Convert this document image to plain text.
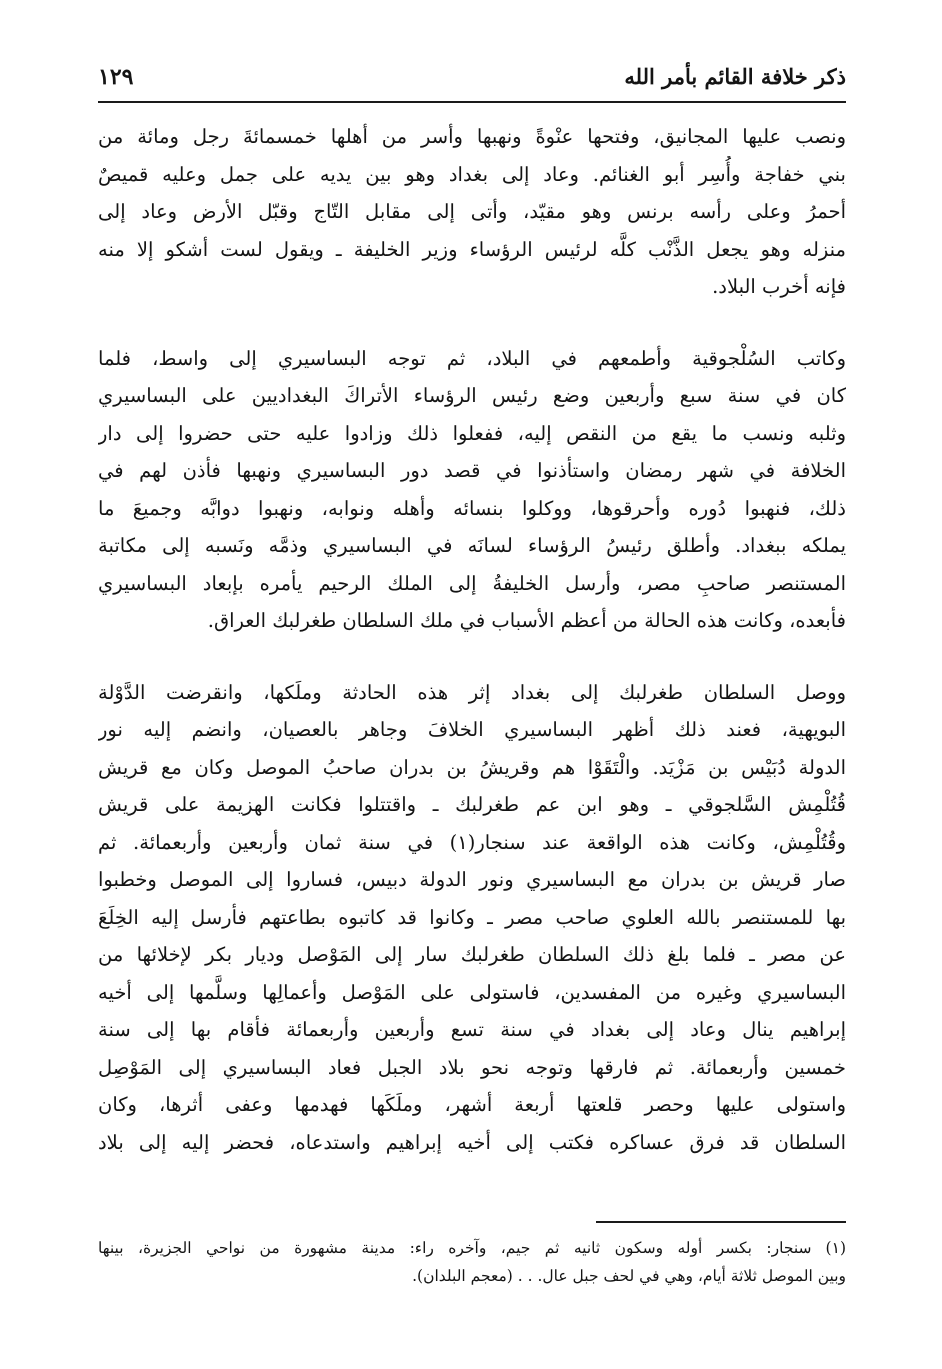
ذكر خلافة القائم بأمر الله
١٢٩
ونصب عليها المجانيق، وفتحها عنْوةً ونهبها وأسر من أهلها خمسمائةَ رجل ومائة من
بني خفاجة وأُسِر أبو الغنائم. وعاد إلى بغداد وهو بين يديه على جمل وعليه قميصٌ
أحمرُ وعلى رأسه برنس وهو مقيّد، وأتى إلى مقابل التّاج وقبّل الأرض وعاد إلى
منزله وهو يجعل الذَّنْب كلَّه لرئيس الرؤساء وزير الخليفة ـ ويقول لست أشكو إلا منه
فإنه أخرب البلاد.
وكاتب السُلْجوقية وأطمعهم في البلاد، ثم توجه البساسيري إلى واسط، فلما
كان في سنة سبع وأربعين وضع رئيس الرؤساء الأتراكَ البغداديين على البساسيري
وثلبه ونسب ما يقع من النقص إليه، ففعلوا ذلك وزادوا عليه حتى حضروا إلى دار
الخلافة في شهر رمضان واستأذنوا في قصد دور البساسيري ونهبها فأذن لهم في
ذلك، فنهبوا دُوره وأحرقوها، ووكلوا بنسائه وأهله ونوابه، ونهبوا دوابَّه وجميعَ ما
يملكه ببغداد. وأطلق رئيسُ الرؤساء لسانَه في البساسيري وذمَّه ونَسبه إلى مكاتبة
المستنصر صاحبِ مصر، وأرسل الخليفةُ إلى الملك الرحيم يأمره بإبعاد البساسيري
فأبعده، وكانت هذه الحالة من أعظم الأسباب في ملك السلطان طغرلبك العراق.
ووصل السلطان طغرلبك إلى بغداد إثر هذه الحادثة وملَكها، وانقرضت الدَّوْلة
البويهية، فعند ذلك أظهر البساسيري الخلافَ وجاهر بالعصيان، وانضم إليه نور
الدولة دُبَيْس بن مَزْيَد. والْتَقَوْا هم وقريشُ بن بدران صاحبُ الموصل وكان مع قريش
قُتُلْمِش السَّلجوقي ـ وهو ابن عم طغرلبك ـ واقتتلوا فكانت الهزيمة على قريش
وقُتُلْمِش، وكانت هذه الواقعة عند سنجار(١) في سنة ثمان وأربعين وأربعمائة. ثم
صار قريش بن بدران مع البساسيري ونور الدولة دبيس، فساروا إلى الموصل وخطبوا
بها للمستنصر بالله العلوي صاحب مصر ـ وكانوا قد كاتبوه بطاعتهم فأرسل إليه الخِلَعَ
عن مصر ـ فلما بلغ ذلك السلطان طغرلبك سار إلى المَوْصل وديار بكر لإخلائها من
البساسيري وغيره من المفسدين، فاستولى على المَوْصل وأعمالِها وسلَّمها إلى أخيه
إبراهيم ينال وعاد إلى بغداد في سنة تسع وأربعين وأربعمائة فأقام بها إلى سنة
خمسين وأربعمائة. ثم فارقها وتوجه نحو بلاد الجبل فعاد البساسيري إلى المَوْصِل
واستولى عليها وحصر قلعتها أربعة أشهر، وملَكَها فهدمها وعفى أثرها، وكان
السلطان قد فرق عساكره فكتب إلى أخيه إبراهيم واستدعاه، فحضر إليه إلى بلاد
(١)سنجار: بكسر أوله وسكون ثانيه ثم جيم، وآخره راء: مدينة مشهورة من نواحي الجزيرة، بينها
وبين الموصل ثلاثة أيام، وهي في لحف جبل عال. . . (معجم البلدان).
